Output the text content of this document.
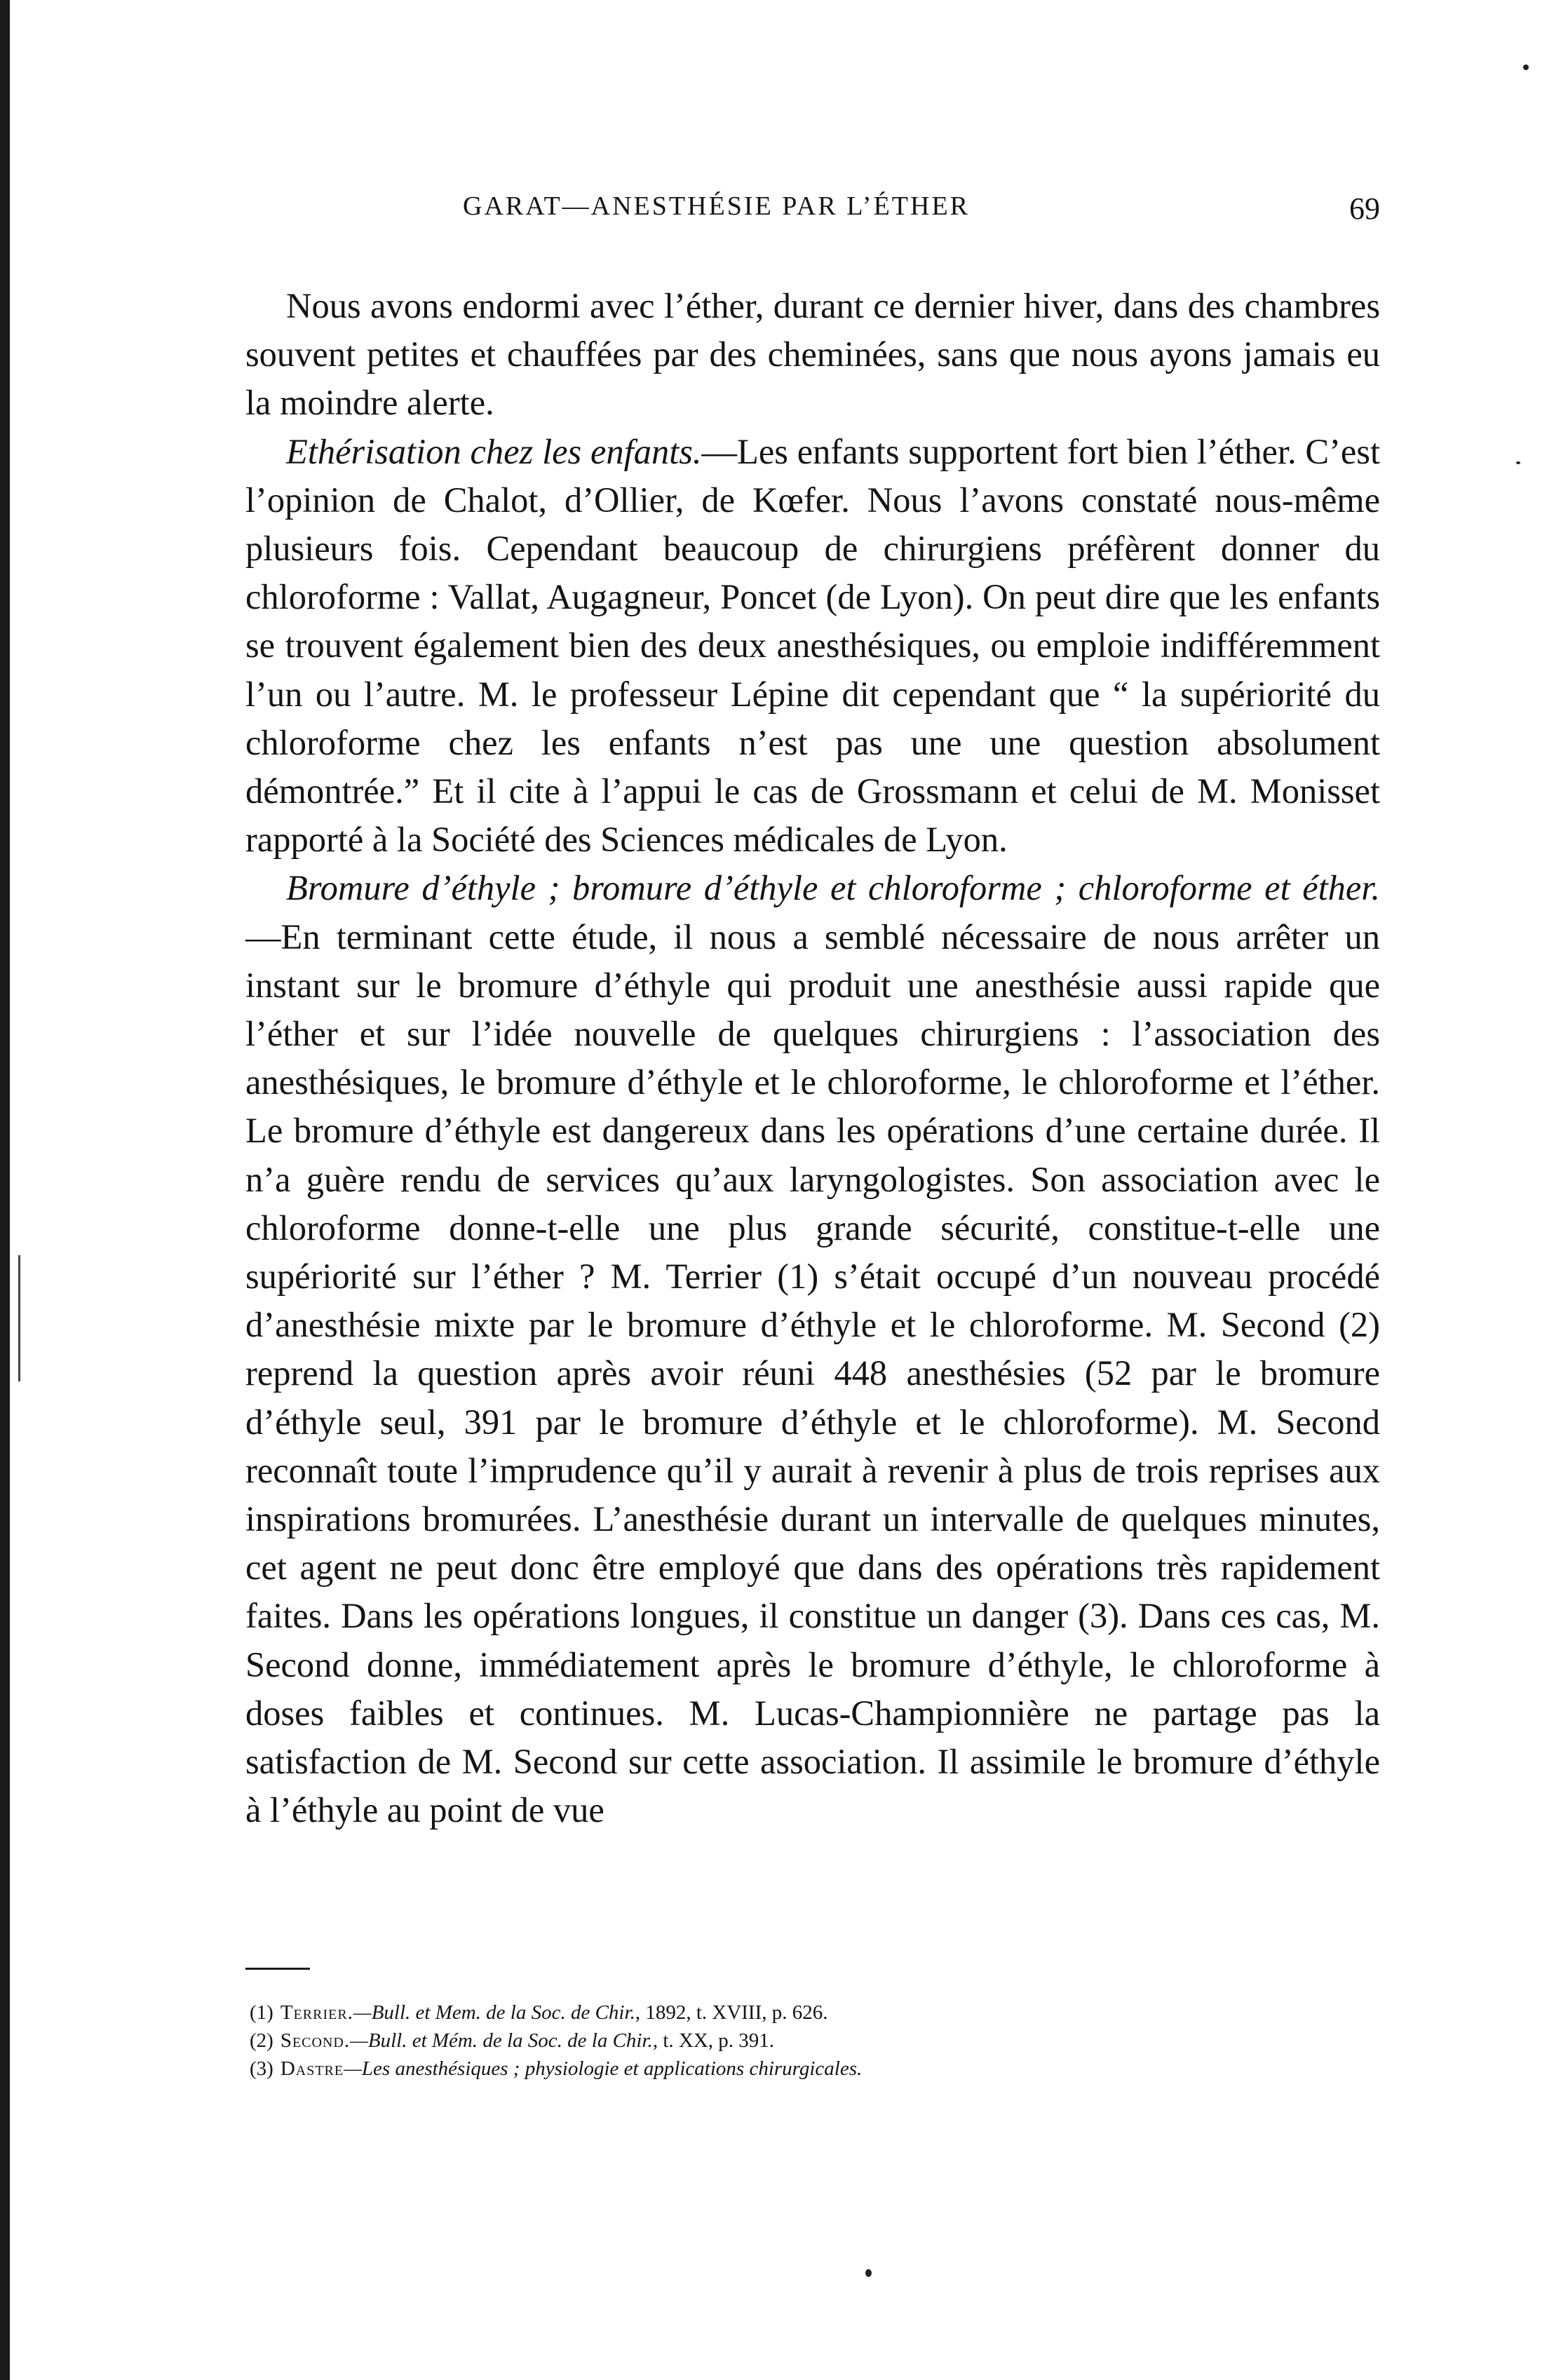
GARAT—ANESTHÉSIE PAR L’ÉTHER	69

Nous avons endormi avec l’éther, durant ce dernier hiver, dans des chambres souvent petites et chauffées par des cheminées, sans que nous ayons jamais eu la moindre alerte.

Ethérisation chez les enfants.—Les enfants supportent fort bien l’éther. C’est l’opinion de Chalot, d’Ollier, de Kœfer. Nous l’avons constaté nous-même plusieurs fois. Cependant beaucoup de chirurgiens préfèrent donner du chloroforme : Vallat, Augagneur, Poncet (de Lyon). On peut dire que les enfants se trouvent également bien des deux anesthésiques, ou emploie indifféremment l’un ou l’autre. M. le professeur Lépine dit cependant que “ la supériorité du chloroforme chez les enfants n’est pas une une question absolument démontrée.” Et il cite à l’appui le cas de Grossmann et celui de M. Monisset rapporté à la Société des Sciences médicales de Lyon.

Bromure d’éthyle ; bromure d’éthyle et chloroforme ; chloroforme et éther.—En terminant cette étude, il nous a semblé nécessaire de nous arrêter un instant sur le bromure d’éthyle qui produit une anesthésie aussi rapide que l’éther et sur l’idée nouvelle de quelques chirurgiens : l’association des anesthésiques, le bromure d’éthyle et le chloroforme, le chloroforme et l’éther. Le bromure d’éthyle est dangereux dans les opérations d’une certaine durée. Il n’a guère rendu de services qu’aux laryngologistes. Son association avec le chloroforme donne-t-elle une plus grande sécurité, constitue-t-elle une supériorité sur l’éther ? M. Terrier (1) s’était occupé d’un nouveau procédé d’anesthésie mixte par le bromure d’éthyle et le chloroforme. M. Second (2) reprend la question après avoir réuni 448 anesthésies (52 par le bromure d’éthyle seul, 391 par le bromure d’éthyle et le chloroforme). M. Second reconnaît toute l’imprudence qu’il y aurait à revenir à plus de trois reprises aux inspirations bromurées. L’anesthésie durant un intervalle de quelques minutes, cet agent ne peut donc être employé que dans des opérations très rapidement faites. Dans les opérations longues, il constitue un danger (3). Dans ces cas, M. Second donne, immédiatement après le bromure d’éthyle, le chloroforme à doses faibles et continues. M. Lucas-Championnière ne partage pas la satisfaction de M. Second sur cette association. Il assimile le bromure d’éthyle à l’éthyle au point de vue

(1) Terrier.—Bull. et Mem. de la Soc. de Chir., 1892, t. XVIII, p. 626.
(2) Second.—Bull. et Mém. de la Soc. de la Chir., t. XX, p. 391.
(3) Dastre—Les anesthésiques ; physiologie et applications chirurgicales.
